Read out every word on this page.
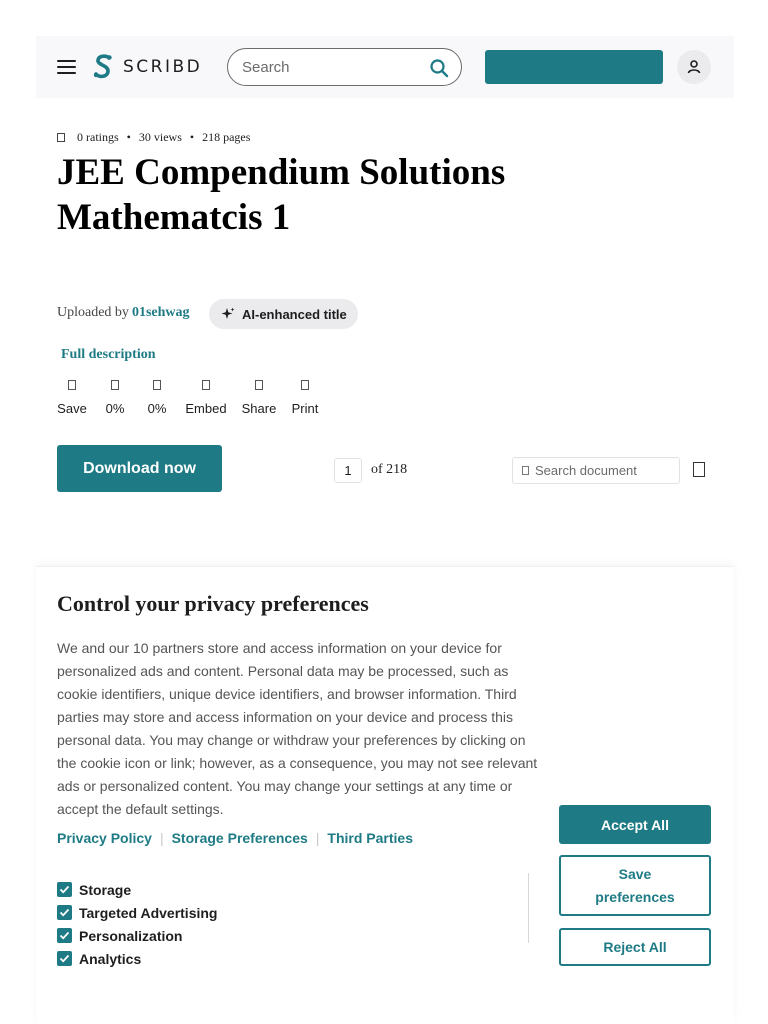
SCRIBD
Search
0 ratings • 30 views • 218 pages
JEE Compendium Solutions
Mathematcis 1
Uploaded by 01sehwag	AI-enhanced title
Full description
Save 0% 0% Embed Share Print
Download now	1	of 218	Search document
Control your privacy preferences

We and our 10 partners store and access information on your device for personalized ads and content. Personal data may be processed, such as cookie identifiers, unique device identifiers, and browser information. Third parties may store and access information on your device and process this personal data. You may change or withdraw your preferences by clicking on the cookie icon or link; however, as a consequence, you may not see relevant ads or personalized content. You may change your settings at any time or accept the default settings.

Privacy Policy | Storage Preferences | Third Parties
Storage
Targeted Advertising
Personalization
Analytics
Accept All
Save
preferences
Reject All
